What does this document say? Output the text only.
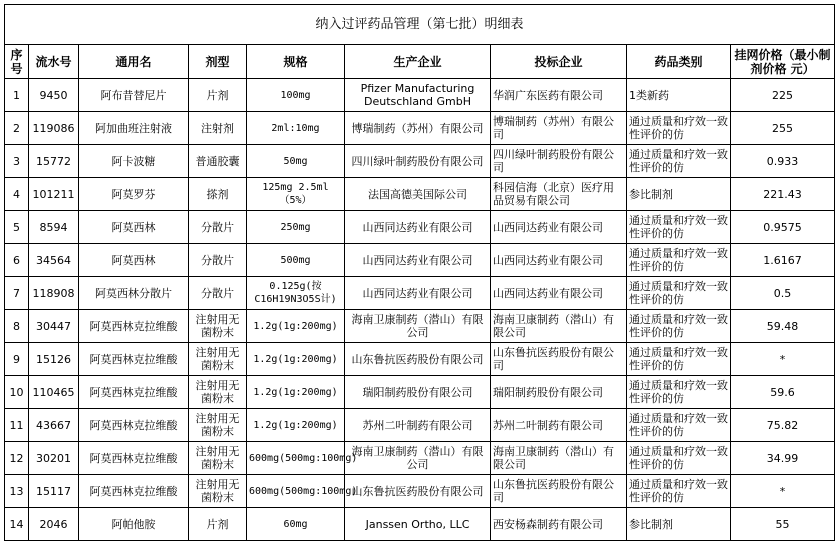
纳入过评药品管理（第七批）明细表								
序号	流水号	通用名	剂型	规格	生产企业	投标企业	药品类别	挂网价格（最小制剂价格 元）
1	9450	阿布昔替尼片	片剂	100mg	Pfizer Manufacturing Deutschland GmbH	华润广东医药有限公司	1类新药	225
2	119086	阿加曲班注射液	注射剂	2ml:10mg	博瑞制药（苏州）有限公司	博瑞制药（苏州）有限公司	通过质量和疗效一致性评价的仿	255
3	15772	阿卡波糖	普通胶囊	50mg	四川绿叶制药股份有限公司	四川绿叶制药股份有限公司	通过质量和疗效一致性评价的仿	0.933
4	101211	阿莫罗芬	搽剂	125mg 2.5ml（5%）	法国高德美国际公司	科园信海（北京）医疗用品贸易有限公司	参比制剂	221.43
5	8594	阿莫西林	分散片	250mg	山西同达药业有限公司	山西同达药业有限公司	通过质量和疗效一致性评价的仿	0.9575
6	34564	阿莫西林	分散片	500mg	山西同达药业有限公司	山西同达药业有限公司	通过质量和疗效一致性评价的仿	1.6167
7	118908	阿莫西林分散片	分散片	0.125g(按C16H19N3O5S计)	山西同达药业有限公司	山西同达药业有限公司	通过质量和疗效一致性评价的仿	0.5
8	30447	阿莫西林克拉维酸	注射用无菌粉末	1.2g(1g:200mg)	海南卫康制药（潜山）有限公司	海南卫康制药（潜山）有限公司	通过质量和疗效一致性评价的仿	59.48
9	15126	阿莫西林克拉维酸	注射用无菌粉末	1.2g(1g:200mg)	山东鲁抗医药股份有限公司	山东鲁抗医药股份有限公司	通过质量和疗效一致性评价的仿	*
10	110465	阿莫西林克拉维酸	注射用无菌粉末	1.2g(1g:200mg)	瑞阳制药股份有限公司	瑞阳制药股份有限公司	通过质量和疗效一致性评价的仿	59.6
11	43667	阿莫西林克拉维酸	注射用无菌粉末	1.2g(1g:200mg)	苏州二叶制药有限公司	苏州二叶制药有限公司	通过质量和疗效一致性评价的仿	75.82
12	30201	阿莫西林克拉维酸	注射用无菌粉末	600mg(500mg:100mg)	海南卫康制药（潜山）有限公司	海南卫康制药（潜山）有限公司	通过质量和疗效一致性评价的仿	34.99
13	15117	阿莫西林克拉维酸	注射用无菌粉末	600mg(500mg:100mg)	山东鲁抗医药股份有限公司	山东鲁抗医药股份有限公司	通过质量和疗效一致性评价的仿	*
14	2046	阿帕他胺	片剂	60mg	Janssen Ortho, LLC	西安杨森制药有限公司	参比制剂	55
